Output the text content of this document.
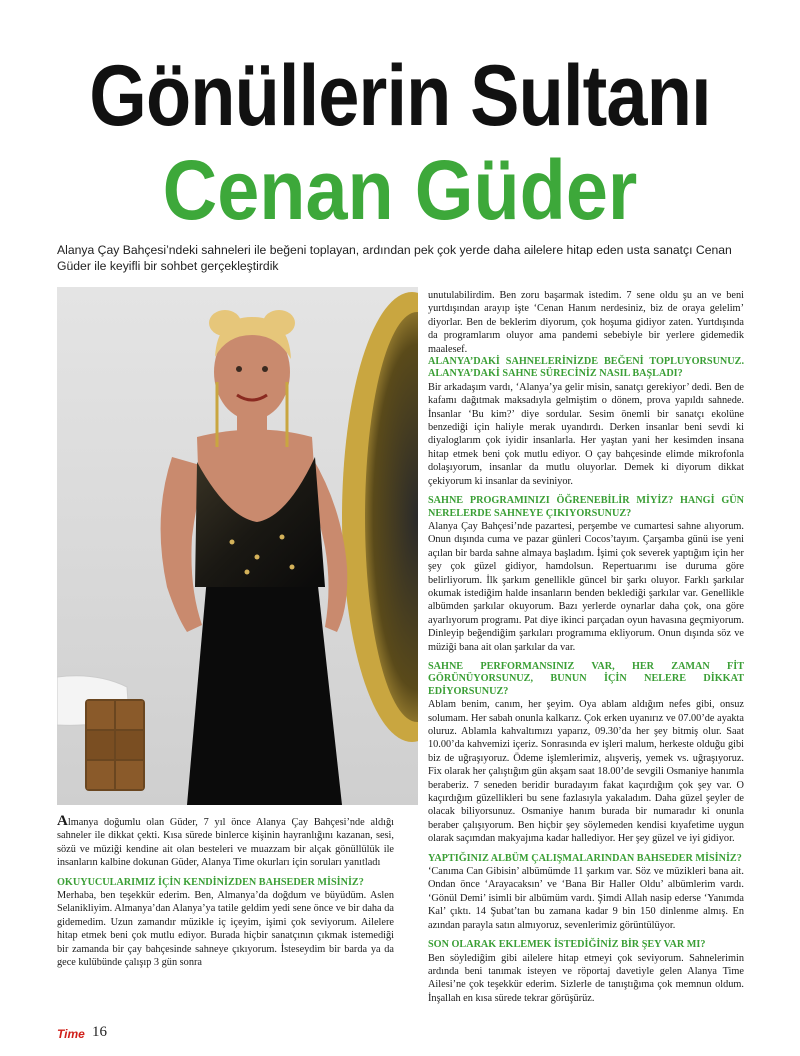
Gönüllerin Sultanı
Cenan Güder
Alanya Çay Bahçesi’ndeki sahneleri ile beğeni toplayan, ardından pek çok yerde daha ailelere hitap eden usta sanatçı Cenan Güder ile keyifli bir sohbet gerçekleştirdik

Almanya doğumlu olan Güder, 7 yıl önce Alanya Çay Bahçesi’nde aldığı sahneler ile dikkat çekti. Kısa sürede binlerce kişinin hayranlığını kazanan, sesi, sözü ve müziği kendine ait olan besteleri ve muazzam bir alçak gönüllülük ile insanların kalbine dokunan Güder, Alanya Time okurları için soruları yanıtladı

OKUYUCULARIMIZ İÇİN KENDİNİZDEN BAHSEDER MİSİNİZ?

Merhaba, ben teşekkür ederim. Ben, Almanya’da doğdum ve büyüdüm. Aslen Selanikliyim. Almanya’dan Alanya’ya tatile geldim yedi sene önce ve bir daha da gidemedim. Uzun zamandır müzikle iç içeyim, işimi çok seviyorum. Ailelere hitap etmek beni çok mutlu ediyor. Burada hiçbir sanatçının çıkmak istemediği bir zamanda bir çay bahçesinde sahneye çıkıyorum. İsteseydim bir barda ya da gece kulübünde çalışıp 3 gün sonra

unutulabilirdim. Ben zoru başarmak istedim. 7 sene oldu şu an ve beni yurtdışından arayıp işte ‘Cenan Hanım nerdesiniz, biz de oraya gelelim’ diyorlar. Ben de beklerim diyorum, çok hoşuma gidiyor zaten. Yurtdışında da programlarım oluyor ama pandemi sebebiyle bir yerlere gidemedik maalesef.

ALANYA’DAKİ SAHNELERİNİZDE BEĞENİ TOPLUYORSUNUZ. ALANYA’DAKİ SAHNE SÜRECİNİZ NASIL BAŞLADI?

Bir arkadaşım vardı, ‘Alanya’ya gelir misin, sanatçı gerekiyor’ dedi. Ben de kafamı dağıtmak maksadıyla gelmiştim o dönem, prova yapıldı sahnede. İnsanlar ‘Bu kim?’ diye sordular. Sesim önemli bir sanatçı ekolüne benzediği için haliyle merak uyandırdı. Derken insanlar beni sevdi ki diyaloglarım çok iyidir insanlarla. Her yaştan yani her kesimden insana hitap etmek beni çok mutlu ediyor. O çay bahçesinde elimde mikrofonla dolaşıyorum, insanlar da mutlu oluyorlar. Demek ki diyorum dikkat çekiyorum ki insanlar da seviniyor.

SAHNE PROGRAMINIZI ÖĞRENEBİLİR MİYİZ? HANGİ GÜN NERELERDE SAHNEYE ÇIKIYORSUNUZ?

Alanya Çay Bahçesi’nde pazartesi, perşembe ve cumartesi sahne alıyorum. Onun dışında cuma ve pazar günleri Cocos’tayım. Çarşamba günü ise yeni açılan bir barda sahne almaya başladım. İşimi çok severek yaptığım için her şey çok güzel gidiyor, hamdolsun. Repertuarımı ise duruma göre belirliyorum. İlk şarkım genellikle güncel bir şarkı oluyor. Farklı şarkılar okumak istediğim halde insanların benden beklediği şarkılar var. Genellikle albümden şarkılar okuyorum. Bazı yerlerde oynarlar daha çok, ona göre ayarlıyorum programı. Pat diye ikinci parçadan oyun havasına geçmiyorum. Dinleyip beğendiğim şarkıları programıma ekliyorum. Onun dışında söz ve müziği bana ait olan şarkılar da var.

SAHNE PERFORMANSINIZ VAR, HER ZAMAN FİT GÖRÜNÜYORSUNUZ, BUNUN İÇİN NELERE DİKKAT EDİYORSUNUZ?

Ablam benim, canım, her şeyim. Oya ablam aldığım nefes gibi, onsuz solumam. Her sabah onunla kalkarız. Çok erken uyanırız ve 07.00’de ayakta oluruz. Ablamla kahvaltımızı yaparız, 09.30’da her şey bitmiş olur. Saat 10.00’da kahvemizi içeriz. Sonrasında ev işleri malum, herkeste olduğu gibi biz de uğraşıyoruz. Ödeme işlemlerimiz, alışveriş, yemek vs. uğraşıyoruz. Fix olarak her çalıştığım gün akşam saat 18.00’de sevgili Osmaniye hanımla beraberiz. 7 seneden beridir buradayım fakat kaçırdığım çok şey var. O kaçırdığım güzellikleri bu sene fazlasıyla yakaladım. Daha güzel şeyler de olacak biliyorsunuz. Osmaniye hanım burada bir numaradır ki onunla beraber çalışıyorum. Ben hiçbir şey söylemeden kendisi kıyafetime uygun olarak saçımdan makyajıma kadar hallediyor. Her şey güzel ve iyi gidiyor.

YAPTIĞINIZ ALBÜM ÇALIŞMALARINDAN BAHSEDER MİSİNİZ?

‘Canıma Can Gibisin’ albümümde 11 şarkım var. Söz ve müzikleri bana ait. Ondan önce ‘Arayacaksın’ ve ‘Bana Bir Haller Oldu’ albümlerim vardı. ‘Gönül Demi’ isimli bir albümüm vardı. Şimdi Allah nasip ederse ‘Yanımda Kal’ çıktı. 14 Şubat’tan bu zamana kadar 9 bin 150 dinlenme almış. En azından parayla satın almıyoruz, sevenlerimiz görüntülüyor.

SON OLARAK EKLEMEK İSTEDİĞİNİZ BİR ŞEY VAR MI?

Ben söylediğim gibi ailelere hitap etmeyi çok seviyorum. Sahnelerimin ardında beni tanımak isteyen ve röportaj davetiyle gelen Alanya Time Ailesi’ne çok teşekkür ederim. Sizlerle de tanıştığıma çok memnun oldum. İnşallah en kısa sürede tekrar görüşürüz.

Time 16
